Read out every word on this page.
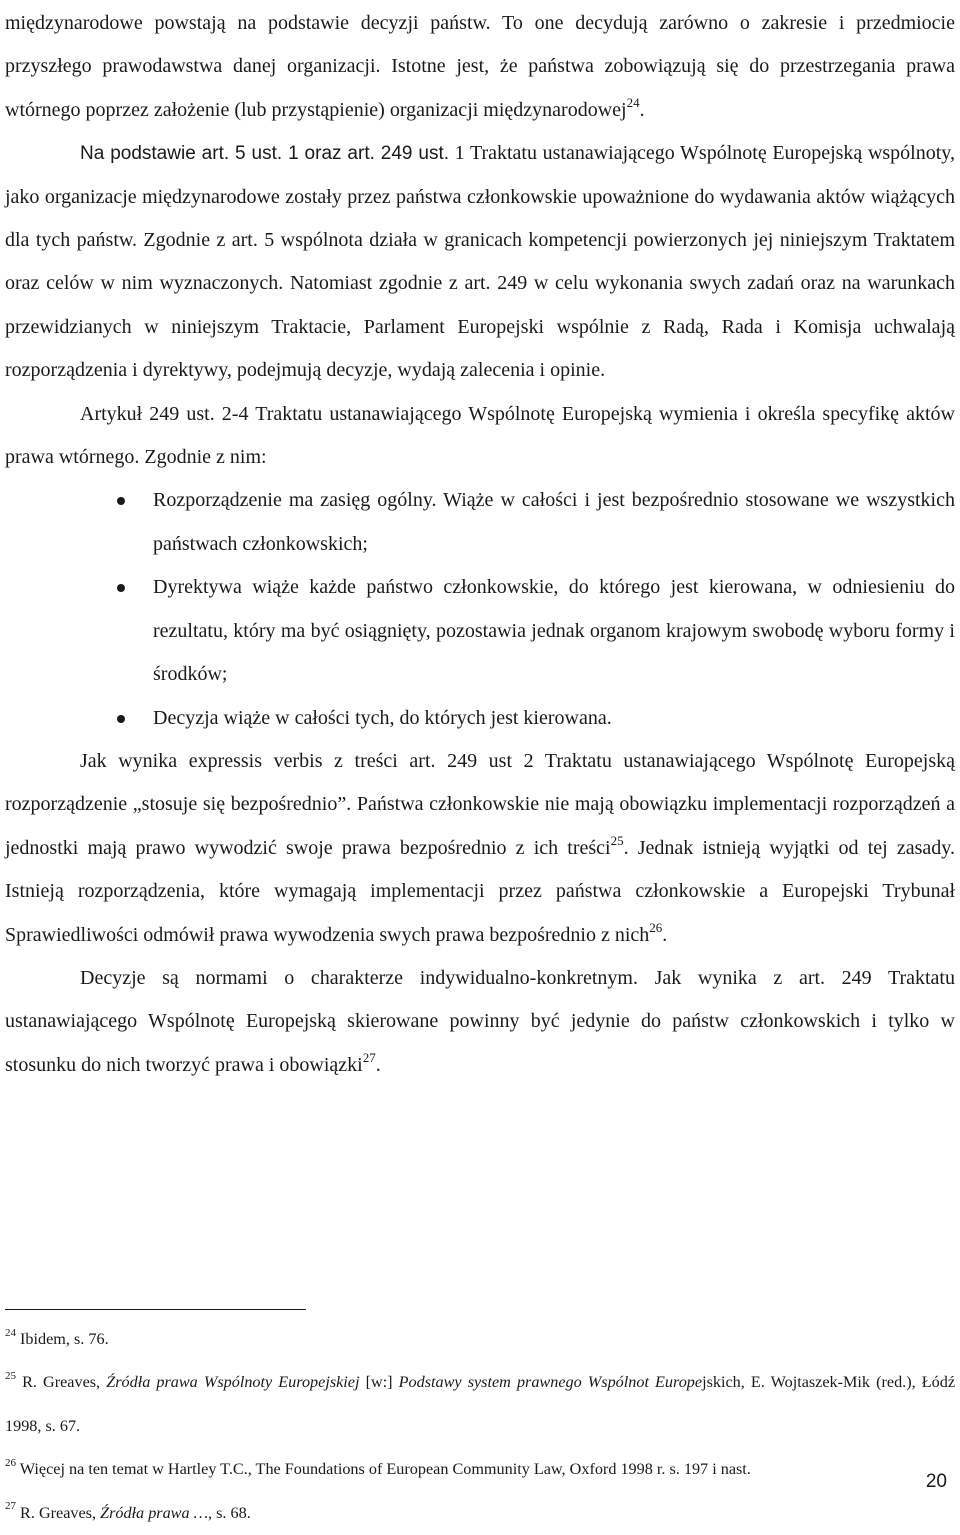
międzynarodowe powstają na podstawie decyzji państw. To one decydują zarówno o zakresie i przedmiocie przyszłego prawodawstwa danej organizacji. Istotne jest, że państwa zobowiązują się do przestrzegania prawa wtórnego poprzez założenie (lub przystąpienie) organizacji międzynarodowej$^{24}$.

Na podstawie art. 5 ust. 1 oraz art. 249 ust. 1 Traktatu ustanawiającego Wspólnotę Europejską wspólnoty, jako organizacje międzynarodowe zostały przez państwa członkowskie upoważnione do wydawania aktów wiążących dla tych państw. Zgodnie z art. 5 wspólnota działa w granicach kompetencji powierzonych jej niniejszym Traktatem oraz celów w nim wyznaczonych. Natomiast zgodnie z art. 249 w celu wykonania swych zadań oraz na warunkach przewidzianych w niniejszym Traktacie, Parlament Europejski wspólnie z Radą, Rada i Komisja uchwalają rozporządzenia i dyrektywy, podejmują decyzje, wydają zalecenia i opinie.

Artykuł 249 ust. 2-4 Traktatu ustanawiającego Wspólnotę Europejską wymienia i określa specyfikę aktów prawa wtórnego. Zgodnie z nim:

Rozporządzenie ma zasięg ogólny. Wiąże w całości i jest bezpośrednio stosowane we wszystkich państwach członkowskich;
Dyrektywa wiąże każde państwo członkowskie, do którego jest kierowana, w odniesieniu do rezultatu, który ma być osiągnięty, pozostawia jednak organom krajowym swobodę wyboru formy i środków;
Decyzja wiąże w całości tych, do których jest kierowana.

Jak wynika expressis verbis z treści art. 249 ust 2 Traktatu ustanawiającego Wspólnotę Europejską rozporządzenie „stosuje się bezpośrednio”. Państwa członkowskie nie mają obowiązku implementacji rozporządzeń a jednostki mają prawo wywodzić swoje prawa bezpośrednio z ich treści$^{25}$. Jednak istnieją wyjątki od tej zasady. Istnieją rozporządzenia, które wymagają implementacji przez państwa członkowskie a Europejski Trybunał Sprawiedliwości odmówił prawa wywodzenia swych prawa bezpośrednio z nich$^{26}$.

Decyzje są normami o charakterze indywidualno-konkretnym. Jak wynika z art. 249 Traktatu ustanawiającego Wspólnotę Europejską skierowane powinny być jedynie do państw członkowskich i tylko w stosunku do nich tworzyć prawa i obowiązki$^{27}$.

$^{24}$ Ibidem, s. 76.

$^{25}$ R. Greaves, Źródła prawa Wspólnoty Europejskiej [w:] Podstawy system prawnego Wspólnot Europejskich, E. Wojtaszek-Mik (red.), Łódź 1998, s. 67.

$^{26}$ Więcej na ten temat w Hartley T.C., The Foundations of European Community Law, Oxford 1998 r. s. 197 i nast.

$^{27}$ R. Greaves, Źródła prawa …, s. 68.

20
